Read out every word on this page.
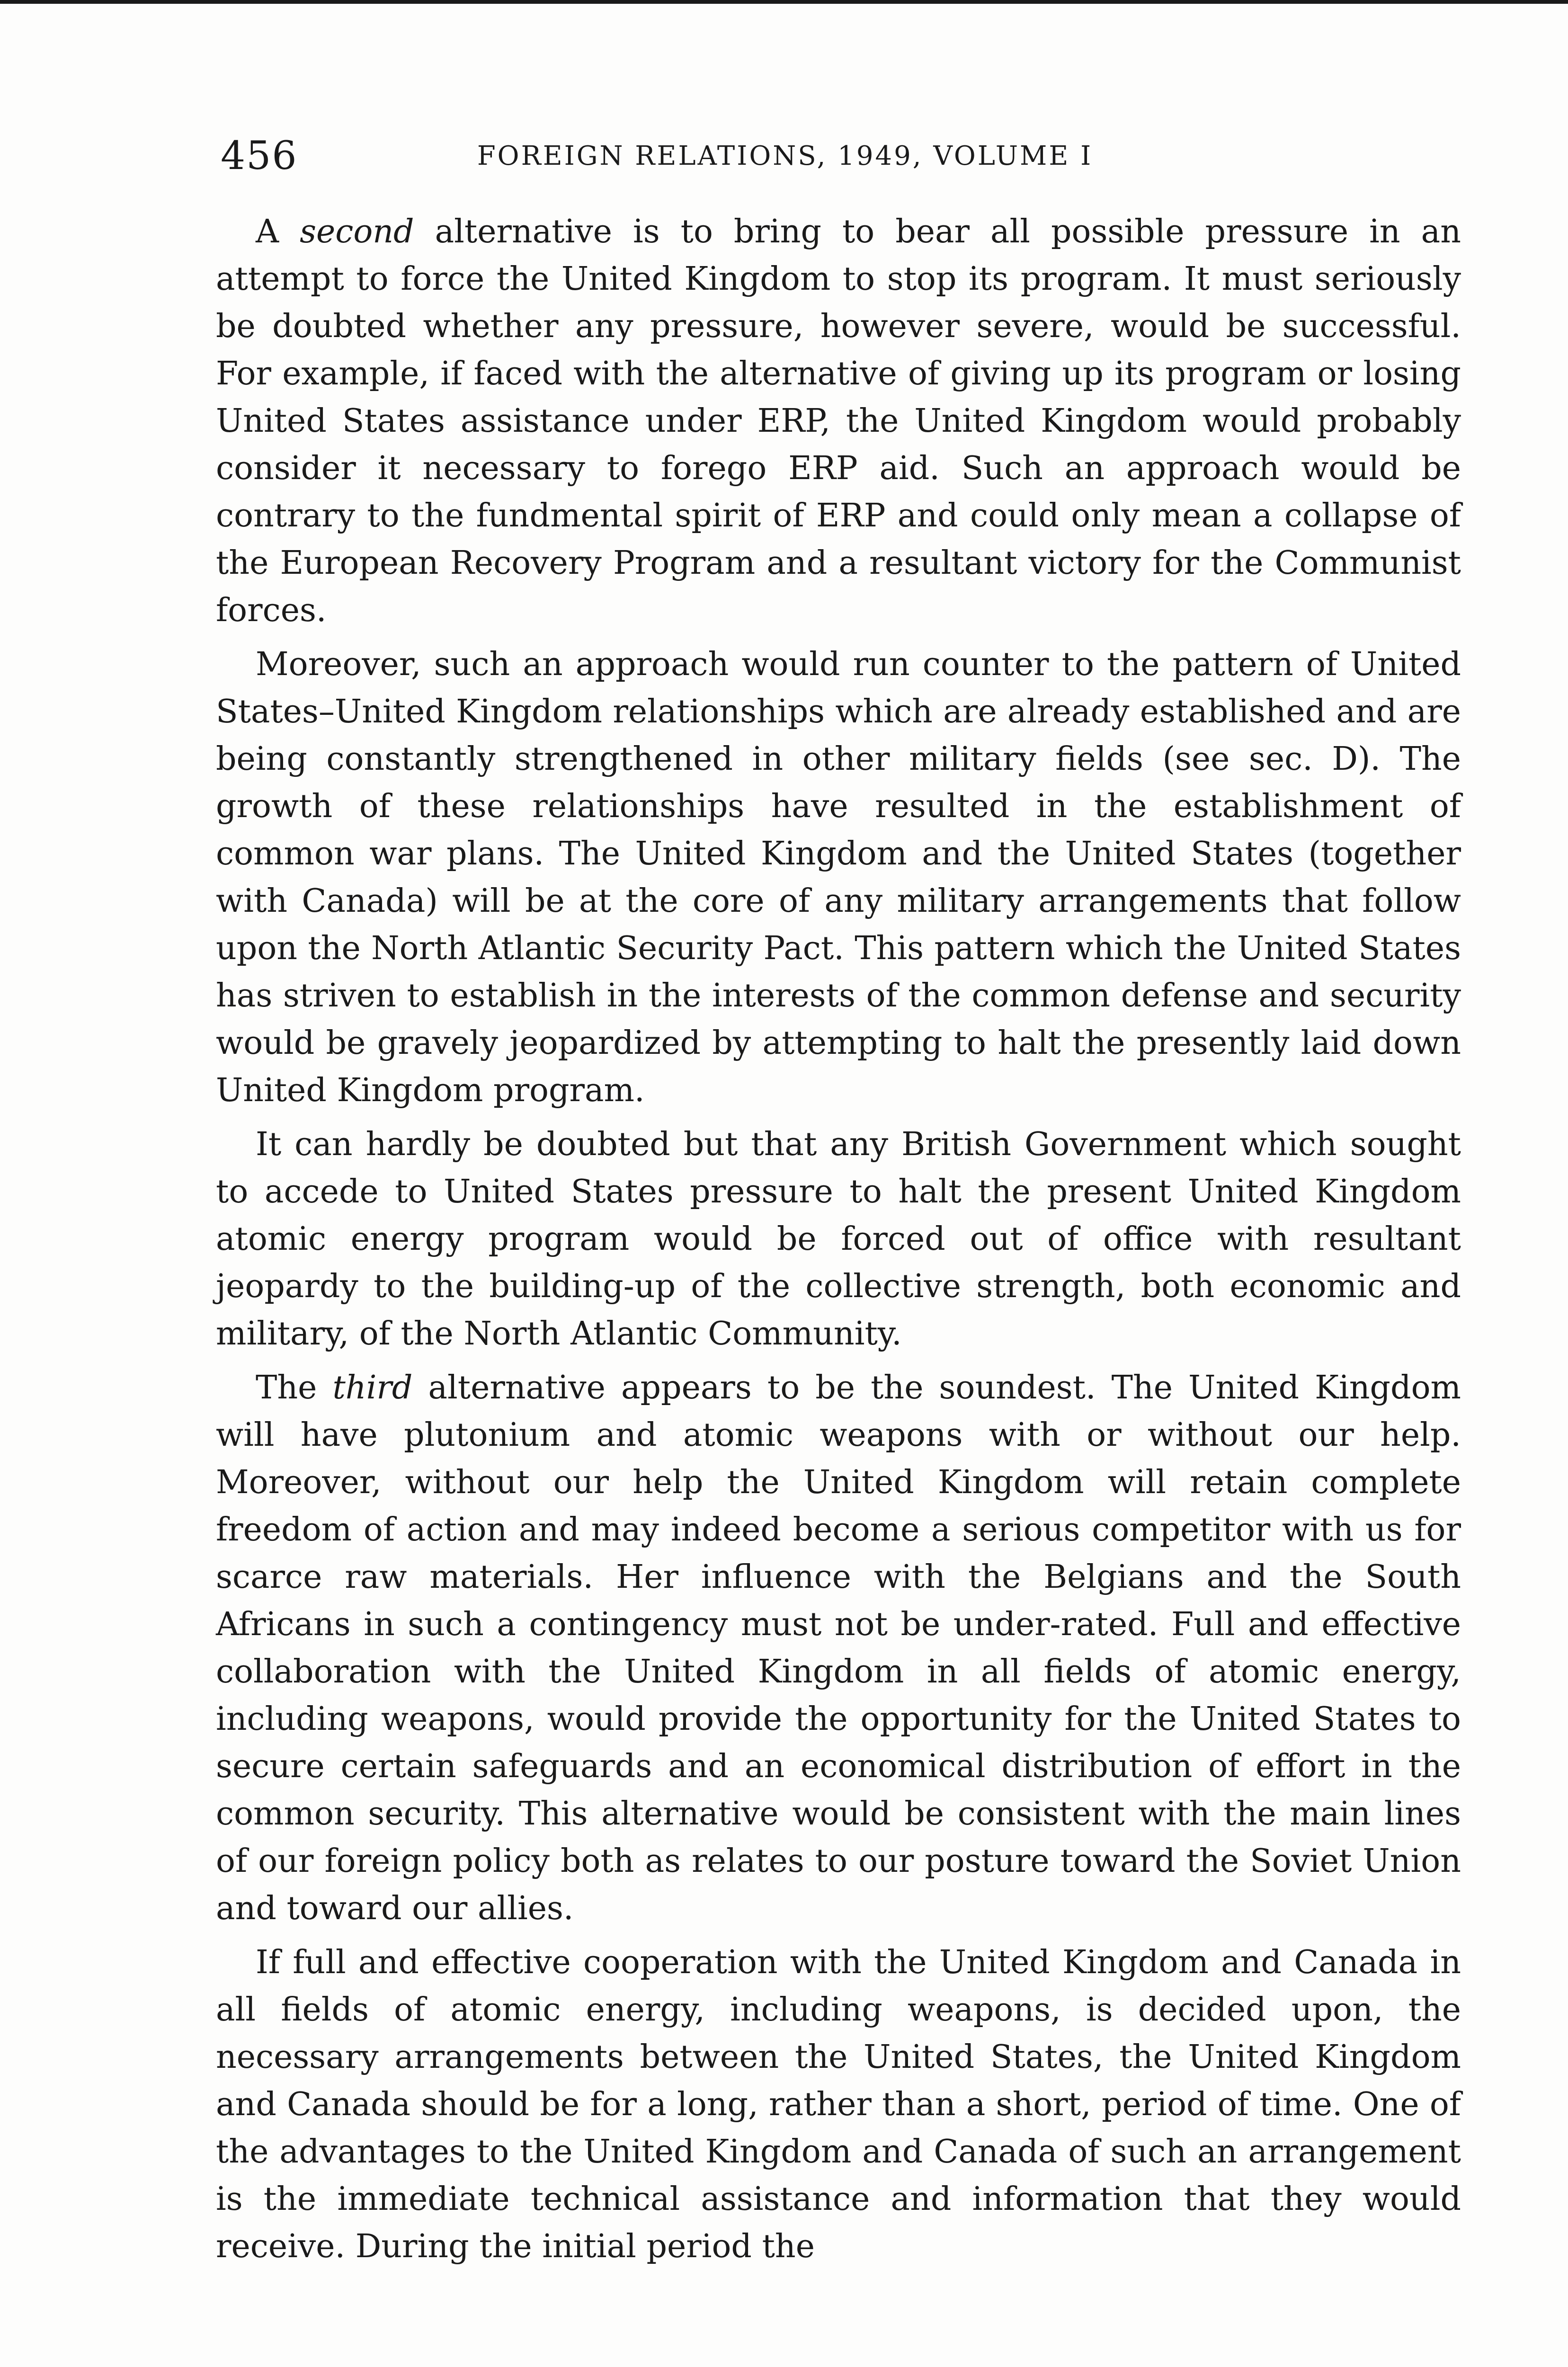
456	FOREIGN RELATIONS, 1949, VOLUME I

A second alternative is to bring to bear all possible pressure in an attempt to force the United Kingdom to stop its program. It must seriously be doubted whether any pressure, however severe, would be successful. For example, if faced with the alternative of giving up its program or losing United States assistance under ERP, the United Kingdom would probably consider it necessary to forego ERP aid. Such an approach would be contrary to the fundmental spirit of ERP and could only mean a collapse of the European Recovery Program and a resultant victory for the Communist forces.

Moreover, such an approach would run counter to the pattern of United States–United Kingdom relationships which are already established and are being constantly strengthened in other military fields (see sec. D). The growth of these relationships have resulted in the establishment of common war plans. The United Kingdom and the United States (together with Canada) will be at the core of any military arrangements that follow upon the North Atlantic Security Pact. This pattern which the United States has striven to establish in the interests of the common defense and security would be gravely jeopardized by attempting to halt the presently laid down United Kingdom program.

It can hardly be doubted but that any British Government which sought to accede to United States pressure to halt the present United Kingdom atomic energy program would be forced out of office with resultant jeopardy to the building-up of the collective strength, both economic and military, of the North Atlantic Community.

The third alternative appears to be the soundest. The United Kingdom will have plutonium and atomic weapons with or without our help. Moreover, without our help the United Kingdom will retain complete freedom of action and may indeed become a serious competitor with us for scarce raw materials. Her influence with the Belgians and the South Africans in such a contingency must not be under-rated. Full and effective collaboration with the United Kingdom in all fields of atomic energy, including weapons, would provide the opportunity for the United States to secure certain safeguards and an economical distribution of effort in the common security. This alternative would be consistent with the main lines of our foreign policy both as relates to our posture toward the Soviet Union and toward our allies.

If full and effective cooperation with the United Kingdom and Canada in all fields of atomic energy, including weapons, is decided upon, the necessary arrangements between the United States, the United Kingdom and Canada should be for a long, rather than a short, period of time. One of the advantages to the United Kingdom and Canada of such an arrangement is the immediate technical assistance and information that they would receive. During the initial period the
